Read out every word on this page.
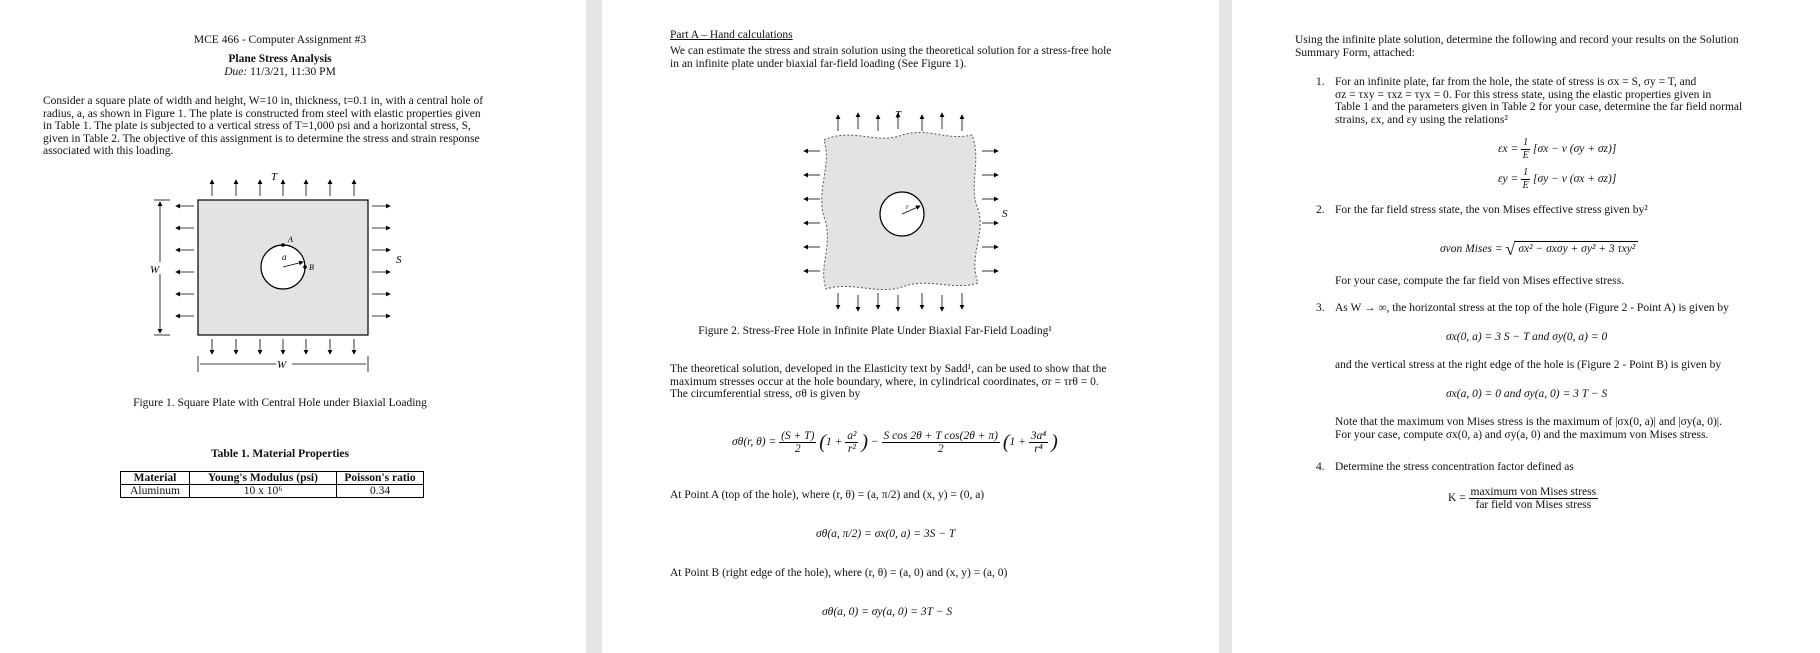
MCE 466 - Computer Assignment #3
Plane Stress Analysis
Due: 11/3/21, 11:30 PM
Consider a square plate of width and height, W=10 in, thickness, t=0.1 in, with a central hole of
radius, a, as shown in Figure 1. The plate is constructed from steel with elastic properties given
in Table 1. The plate is subjected to a vertical stress of T=1,000 psi and a horizontal stress, S,
given in Table 2. The objective of this assignment is to determine the stress and strain response
associated with this loading.
A
B
a
T
S
W
W
Figure 1. Square Plate with Central Hole under Biaxial Loading
Table 1. Material Properties
Material	Young's Modulus (psi)	Poisson's ratio
Aluminum	10 x 10⁶	0.34
Part A – Hand calculations
We can estimate the stress and strain solution using the theoretical solution for a stress-free hole
in an infinite plate under biaxial far-field loading (See Figure 1).
r
T
S
Figure 2. Stress-Free Hole in Infinite Plate Under Biaxial Far-Field Loading¹
The theoretical solution, developed in the Elasticity text by Sadd¹, can be used to show that the
maximum stresses occur at the hole boundary, where, in cylindrical coordinates, σr = τrθ = 0.
The circumferential stress, σθ is given by
σθ(r, $\theta) = \frac{(S + T)}{2} (1 + \frac{\text{a²}}{\text{r²}}$ ) − $\frac{\text{S cos 2θ + T cos(2θ + π)}}{2} (1 + \frac{\text{3a⁴}}{\text{r⁴}}$ )
At Point A (top of the hole), where (r, θ) = (a, π/2) and (x, y) = (0, a)
σθ(a, π/2) = σx(0, a) = 3S − T
At Point B (right edge of the hole), where (r, θ) = (a, 0) and (x, y) = (a, 0)
σθ(a, 0) = σy(a, 0) = 3T − S
Using the infinite plate solution, determine the following and record your results on the Solution
Summary Form, attached:
1. For an infinite plate, far from the hole, the state of stress is σx = S, σy = T, and
σz = τxy = τxz = τyx = 0. For this stress state, using the elastic properties given in
Table 1 and the parameters given in Table 2 for your case, determine the far field normal
strains, εx, and εy using the relations²
$\varepsilon x = \frac{1}{E} [\sigma x - \nu$ (σy + σz)]
$\varepsilon y = \frac{1}{E} [\sigma y - \nu$ (σx + σz)]
2. For the far field stress state, the von Mises effective stress given by²
σvon Mises = √ σx² − σxσy + σy² + 3 τxy²
For your case, compute the far field von Mises effective stress.
3. As W → ∞, the horizontal stress at the top of the hole (Figure 2 - Point A) is given by
σx(0, a) = 3 S − T and σy(0, a) = 0
and the vertical stress at the right edge of the hole is (Figure 2 - Point B) is given by
σx(a, 0) = 0 and σy(a, 0) = 3 T − S
Note that the maximum von Mises stress is the maximum of |σx(0, a)| and |σy(a, 0)|.
For your case, compute σx(0, a) and σy(a, 0) and the maximum von Mises stress.
4. Determine the stress concentration factor defined as
$K = \frac{\text{maximum von Mises stress}}{\text{far field von Mises stress}}$
